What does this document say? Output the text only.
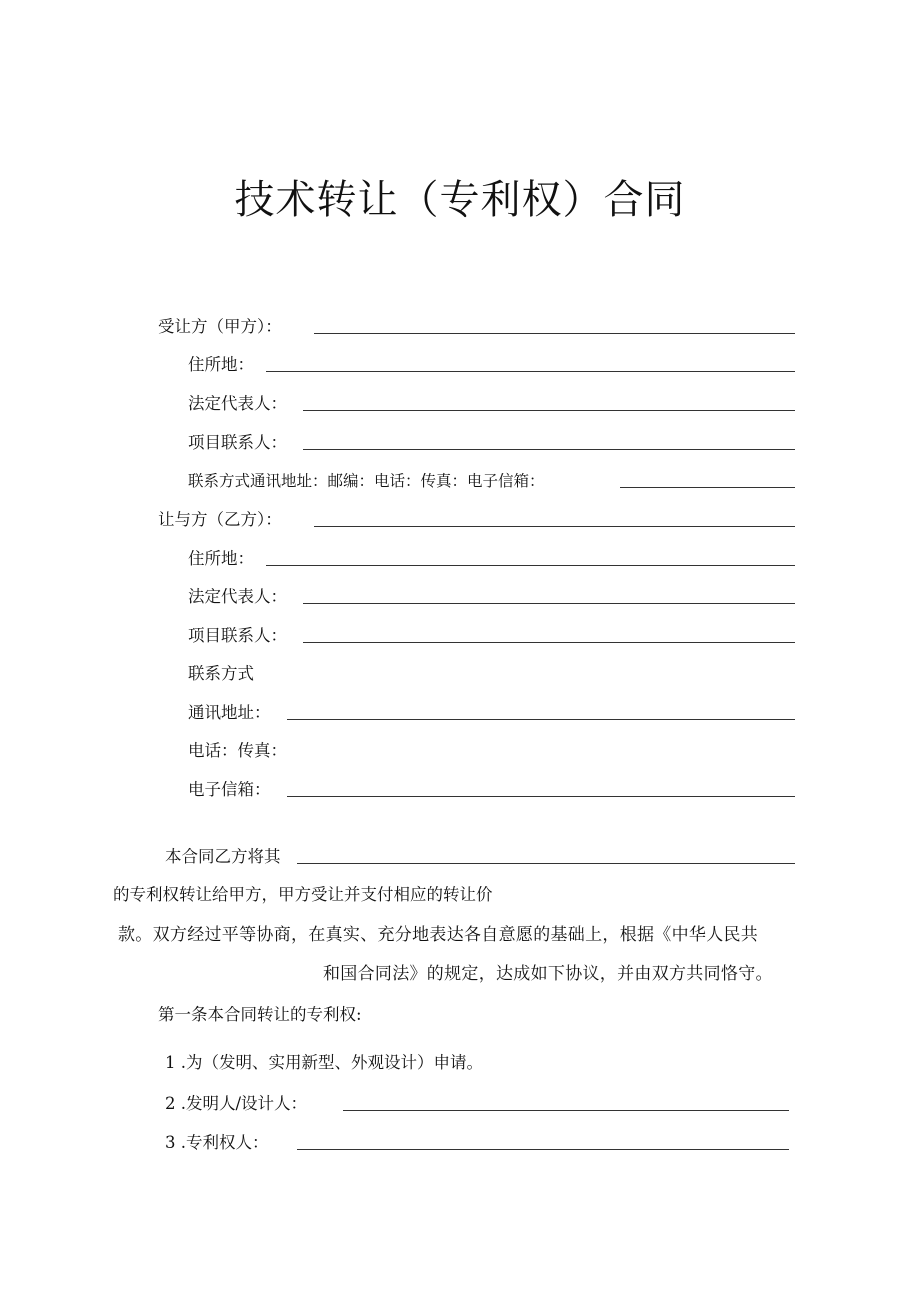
技术转让（专利权）合同
受让方（甲方）：
住所地：
法定代表人：
项目联系人：
联系方式通讯地址：邮编：电话：传真：电子信箱：
让与方（乙方）：
住所地：
法定代表人：
项目联系人：
联系方式
通讯地址：
电话：传真：
电子信箱：
本合同乙方将其
的专利权转让给甲方，甲方受让并支付相应的转让价
款。双方经过平等协商，在真实、充分地表达各自意愿的基础上，根据《中华人民共
和国合同法》的规定，达成如下协议，并由双方共同恪守。
第一条本合同转让的专利权:
1 .为（发明、实用新型、外观设计）申请。
2 .发明人/设计人：
3 .专利权人：
